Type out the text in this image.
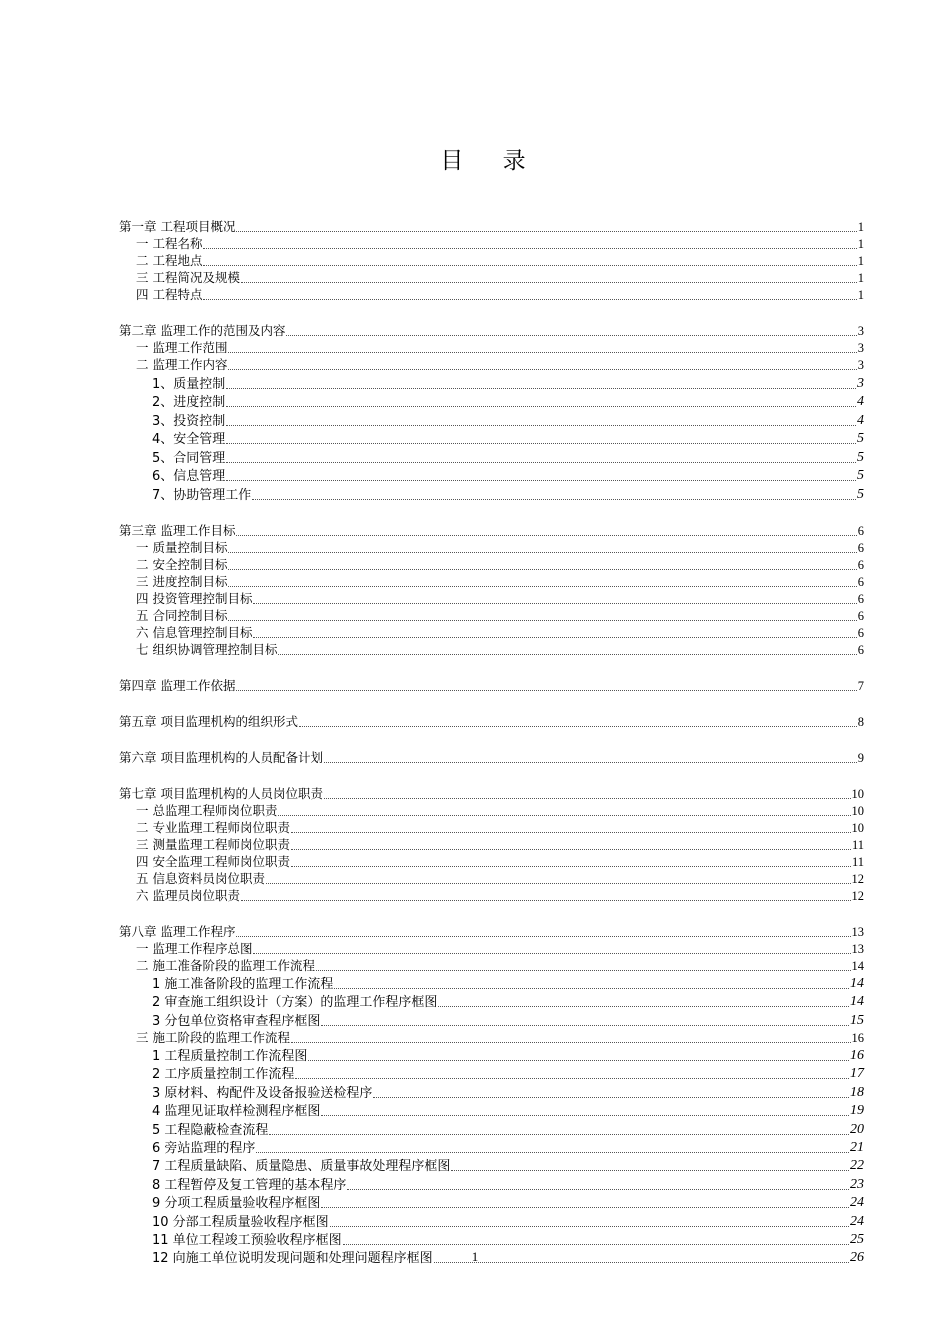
目 录
第一章 工程项目概况	1
一 工程名称	1
二 工程地点	1
三 工程简况及规模	1
四 工程特点	1
第二章 监理工作的范围及内容	3
一 监理工作范围	3
二 监理工作内容	3
1、质量控制	3
2、进度控制	4
3、投资控制	4
4、安全管理	5
5、合同管理	5
6、信息管理	5
7、协助管理工作	5
第三章 监理工作目标	6
一 质量控制目标	6
二 安全控制目标	6
三 进度控制目标	6
四 投资管理控制目标	6
五 合同控制目标	6
六 信息管理控制目标	6
七 组织协调管理控制目标	6
第四章 监理工作依据	7
第五章 项目监理机构的组织形式	8
第六章 项目监理机构的人员配备计划	9
第七章 项目监理机构的人员岗位职责	10
一 总监理工程师岗位职责	10
二 专业监理工程师岗位职责	10
三 测量监理工程师岗位职责	11
四 安全监理工程师岗位职责	11
五 信息资料员岗位职责	12
六 监理员岗位职责	12
第八章 监理工作程序	13
一 监理工作程序总图	13
二 施工准备阶段的监理工作流程	14
1 施工准备阶段的监理工作流程	14
2 审查施工组织设计（方案）的监理工作程序框图	14
3 分包单位资格审查程序框图	15
三 施工阶段的监理工作流程	16
1 工程质量控制工作流程图	16
2 工序质量控制工作流程	17
3 原材料、构配件及设备报验送检程序	18
4 监理见证取样检测程序框图	19
5 工程隐蔽检查流程	20
6 旁站监理的程序	21
7 工程质量缺陷、质量隐患、质量事故处理程序框图	22
8 工程暂停及复工管理的基本程序	23
9 分项工程质量验收程序框图	24
10 分部工程质量验收程序框图	24
11 单位工程竣工预验收程序框图	25
12 向施工单位说明发现问题和处理问题程序框图	26
1
